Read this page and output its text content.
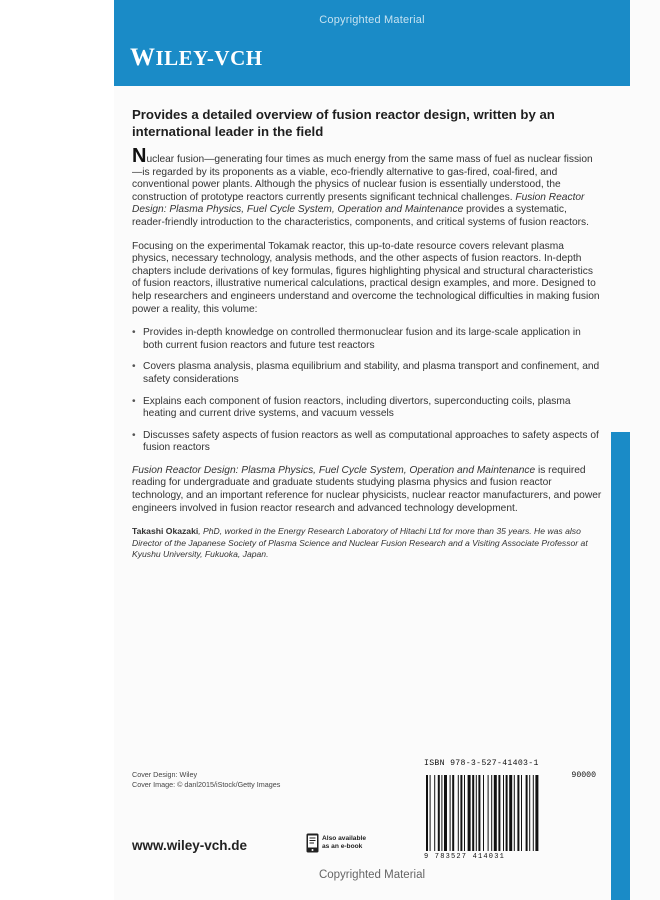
Copyrighted Material
WILEY-VCH
Provides a detailed overview of fusion reactor design, written by an international leader in the field

Nuclear fusion—generating four times as much energy from the same mass of fuel as nuclear fission—is regarded by its proponents as a viable, eco-friendly alternative to gas-fired, coal-fired, and conventional power plants. Although the physics of nuclear fusion is essentially understood, the construction of prototype reactors currently presents significant technical challenges. Fusion Reactor Design: Plasma Physics, Fuel Cycle System, Operation and Maintenance provides a systematic, reader-friendly introduction to the characteristics, components, and critical systems of fusion reactors.

Focusing on the experimental Tokamak reactor, this up-to-date resource covers relevant plasma physics, necessary technology, analysis methods, and the other aspects of fusion reactors. In-depth chapters include derivations of key formulas, figures highlighting physical and structural characteristics of fusion reactors, illustrative numerical calculations, practical design examples, and more. Designed to help researchers and engineers understand and overcome the technological difficulties in making fusion power a reality, this volume:

• Provides in-depth knowledge on controlled thermonuclear fusion and its large-scale application in both current fusion reactors and future test reactors
• Covers plasma analysis, plasma equilibrium and stability, and plasma transport and confinement, and safety considerations
• Explains each component of fusion reactors, including divertors, superconducting coils, plasma heating and current drive systems, and vacuum vessels
• Discusses safety aspects of fusion reactors as well as computational approaches to safety aspects of fusion reactors

Fusion Reactor Design: Plasma Physics, Fuel Cycle System, Operation and Maintenance is required reading for undergraduate and graduate students studying plasma physics and fusion reactor technology, and an important reference for nuclear physicists, nuclear reactor manufacturers, and power engineers involved in fusion reactor research and advanced technology development.

Takashi Okazaki, PhD, worked in the Energy Research Laboratory of Hitachi Ltd for more than 35 years. He was also Director of the Japanese Society of Plasma Science and Nuclear Fusion Research and a Visiting Associate Professor at Kyushu University, Fukuoka, Japan.
Cover Design: Wiley
Cover Image: © danl2015/iStock/Getty Images
www.wiley-vch.de	Also available
as an e-book
ISBN 978-3-527-41403-1
90000
9 783527 414031
Copyrighted Material
